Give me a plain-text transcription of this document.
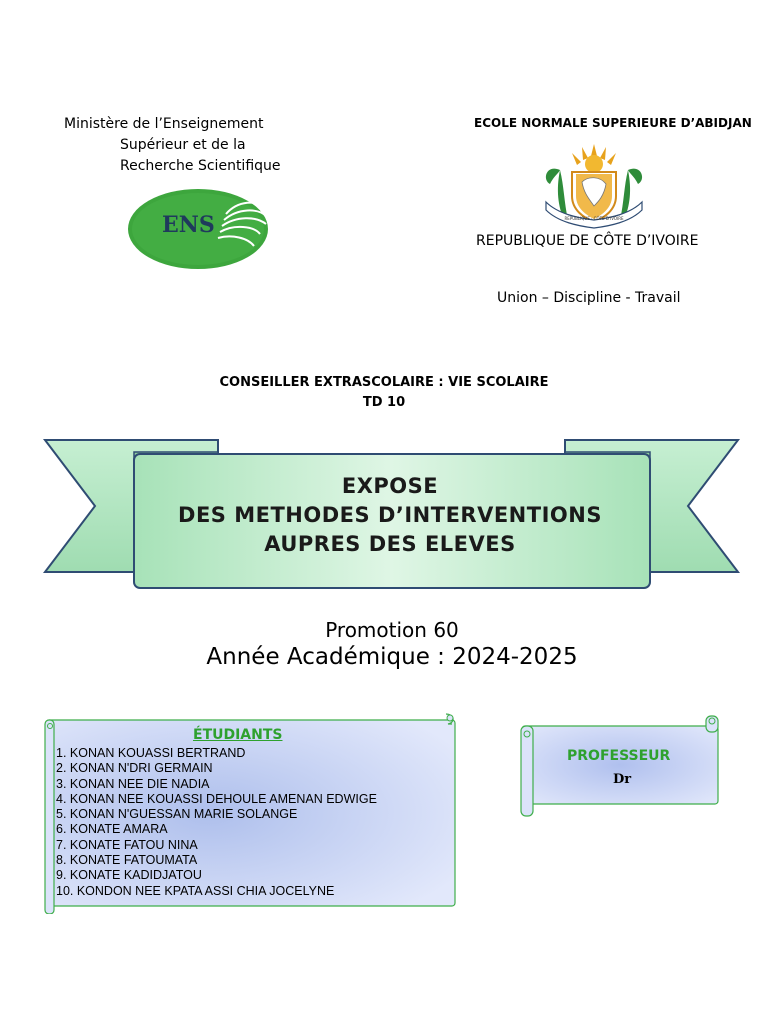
Ministère de l’Enseignement
Supérieur et de la
Recherche Scientifique
ENS
ECOLE NORMALE SUPERIEURE D’ABIDJAN
REPUBLIQUE · CÔTE D'IVOIRE
REPUBLIQUE DE CÔTE D’IVOIRE
Union – Discipline - Travail
CONSEILLER EXTRASCOLAIRE : VIE SCOLAIRE
TD 10
EXPOSE
DES METHODES D’INTERVENTIONS
AUPRES DES ELEVES
Promotion 60
Année Académique : 2024-2025
ÉTUDIANTS
1. KONAN KOUASSI BERTRAND
2. KONAN N'DRI GERMAIN
3. KONAN NEE DIE NADIA
4. KONAN NEE KOUASSI DEHOULE AMENAN EDWIGE
5. KONAN N'GUESSAN MARIE SOLANGE
6. KONATE AMARA
7. KONATE FATOU NINA
8. KONATE FATOUMATA
9. KONATE KADIDJATOU
10. KONDON NEE KPATA ASSI CHIA JOCELYNE
PROFESSEUR
Dr
